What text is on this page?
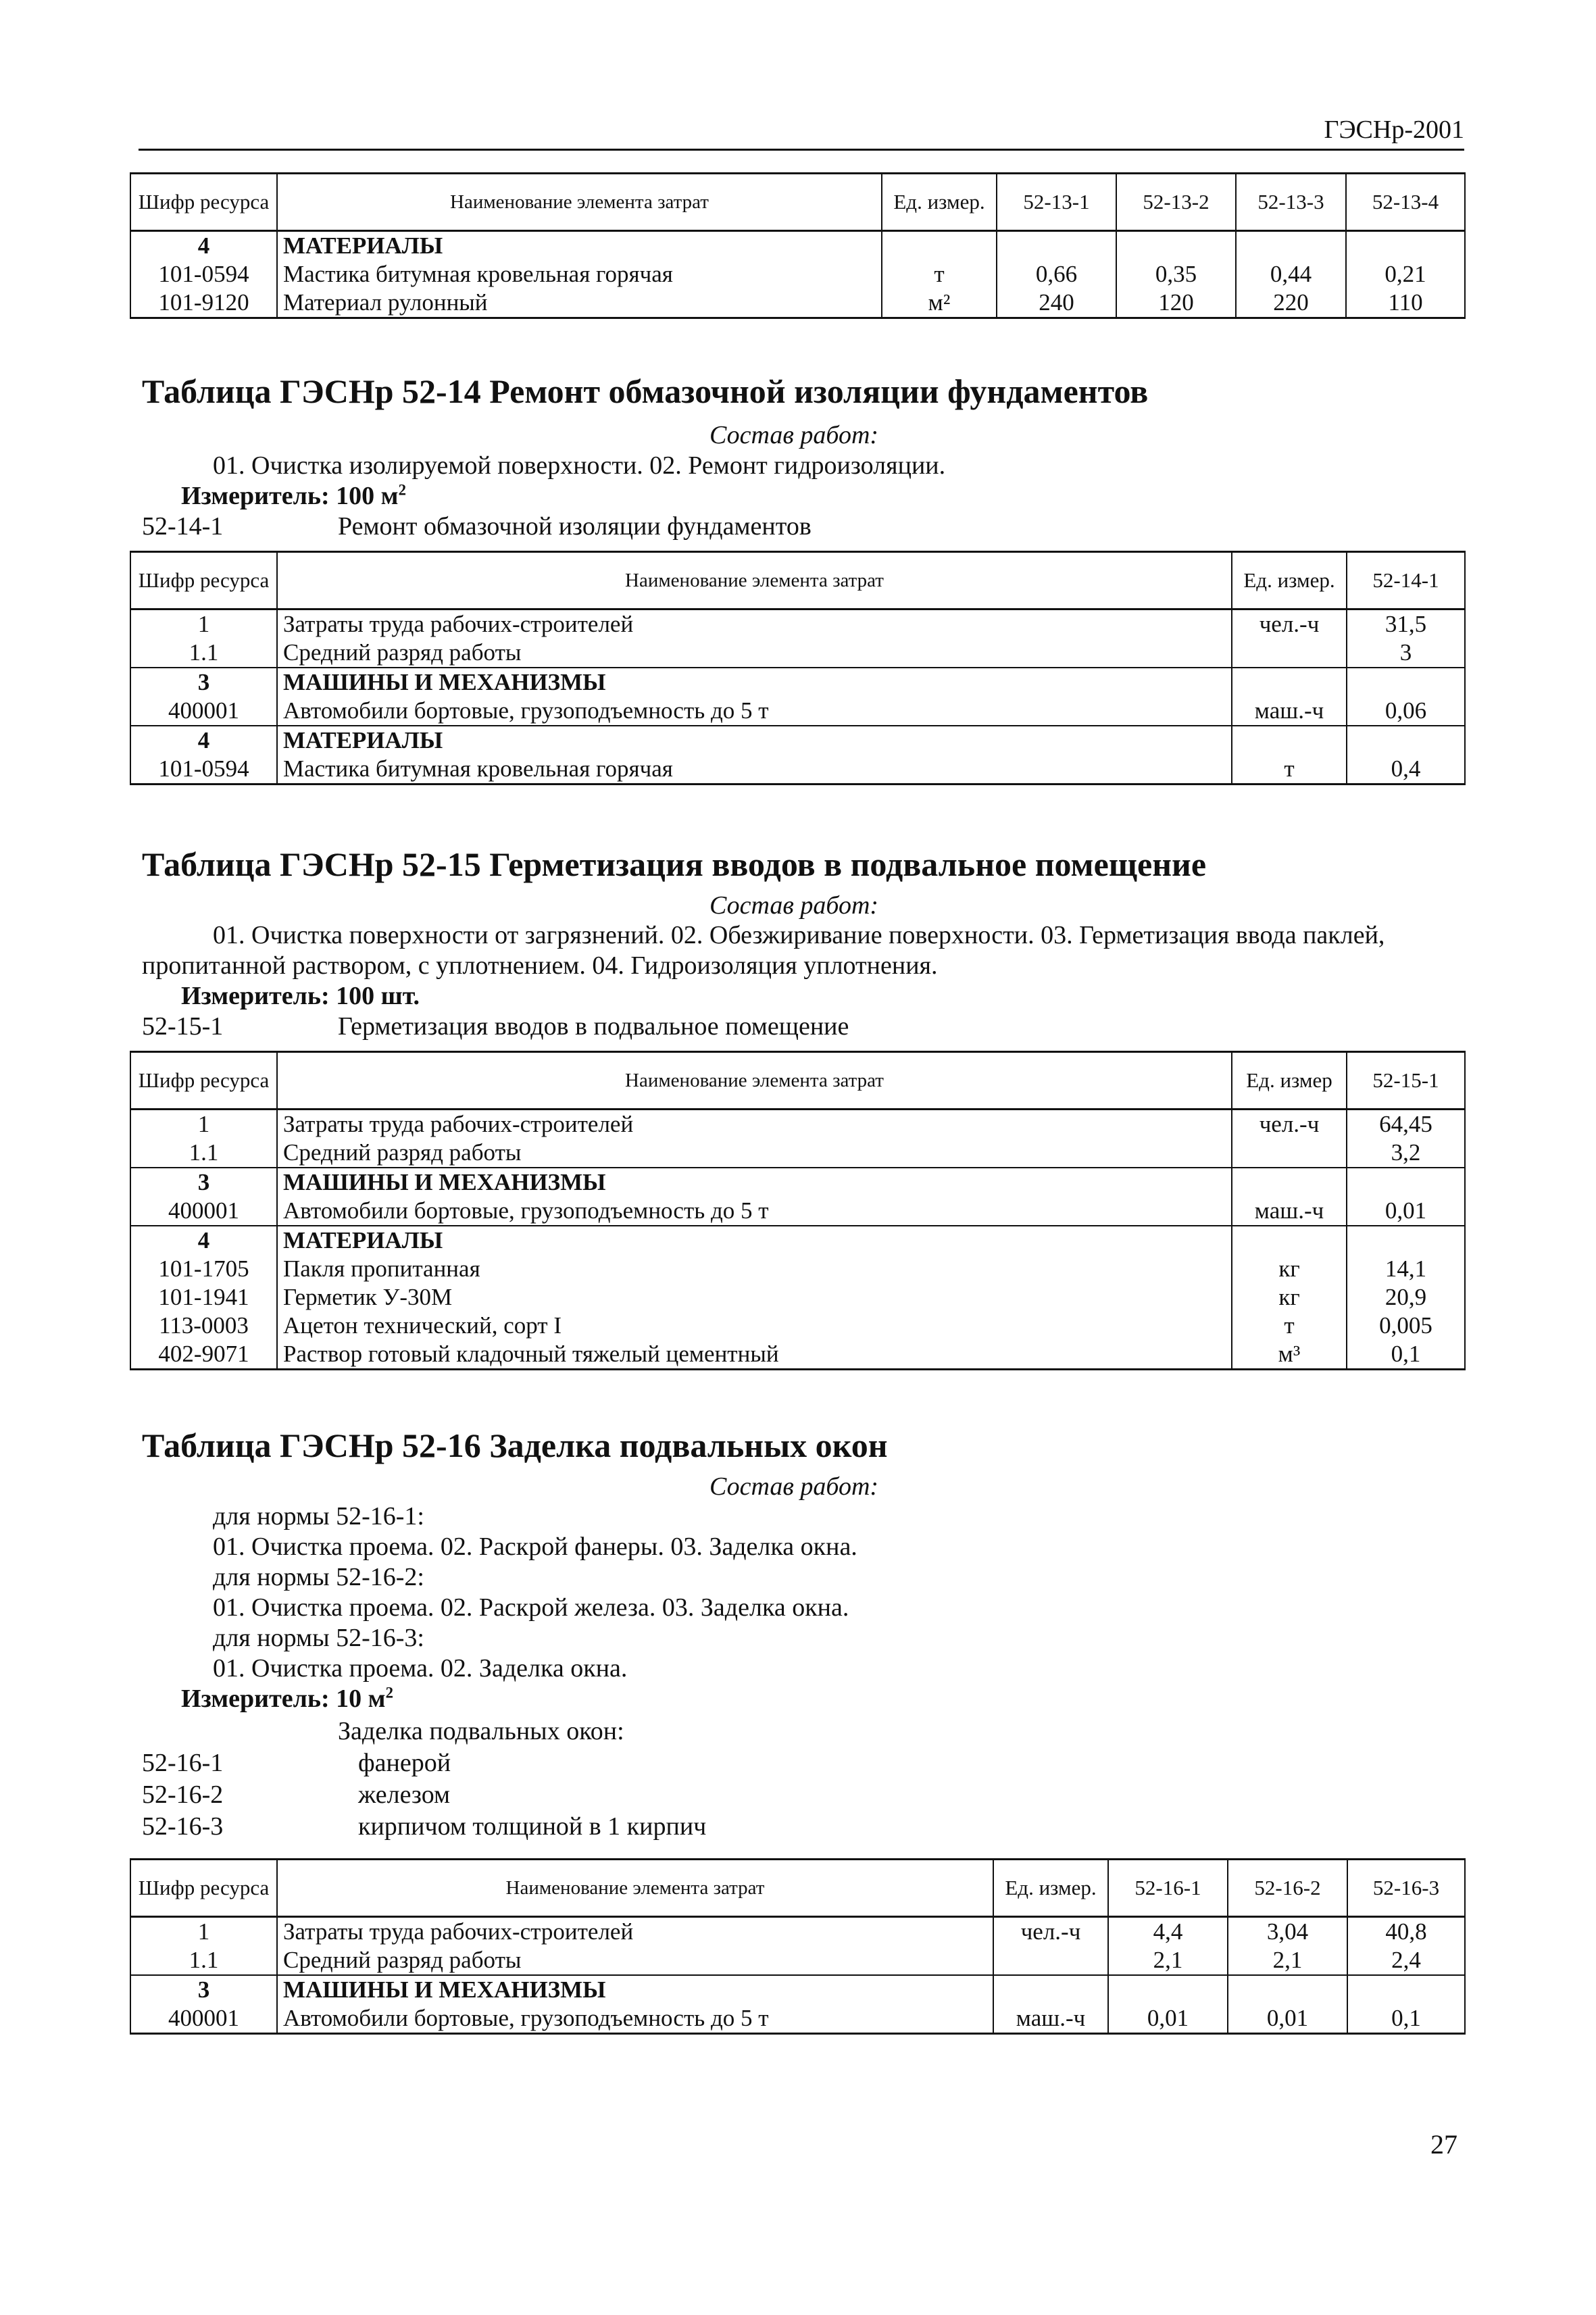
ГЭСНр-2001
Шифр ресурса	Наименование элемента затрат	Ед. измер.	52-13-1	52-13-2	52-13-3	52-13-4
4	МАТЕРИАЛЫ					
101-0594	Мастика битумная кровельная горячая	т	0,66	0,35	0,44	0,21
101-9120	Материал рулонный	м²	240	120	220	110
Таблица ГЭСНр 52-14 Ремонт обмазочной изоляции фундаментов
Состав работ:
01. Очистка изолируемой поверхности. 02. Ремонт гидроизоляции.
Измеритель: 100 $м^2$
52-14-1	Ремонт обмазочной изоляции фундаментов
Шифр ресурса	Наименование элемента затрат	Ед. измер.	52-14-1
1	Затраты труда рабочих-строителей	чел.-ч	31,5
1.1	Средний разряд работы		3
3	МАШИНЫ И МЕХАНИЗМЫ		
400001	Автомобили бортовые, грузоподъемность до 5 т	маш.-ч	0,06
4	МАТЕРИАЛЫ		
101-0594	Мастика битумная кровельная горячая	т	0,4
Таблица ГЭСНр 52-15 Герметизация вводов в подвальное помещение
Состав работ:
01. Очистка поверхности от загрязнений. 02. Обезжиривание поверхности. 03. Герметизация ввода паклей,
пропитанной раствором, с уплотнением. 04. Гидроизоляция уплотнения.
Измеритель: 100 шт.
52-15-1	Герметизация вводов в подвальное помещение
Шифр ресурса	Наименование элемента затрат	Ед. измер	52-15-1
1	Затраты труда рабочих-строителей	чел.-ч	64,45
1.1	Средний разряд работы		3,2
3	МАШИНЫ И МЕХАНИЗМЫ		
400001	Автомобили бортовые, грузоподъемность до 5 т	маш.-ч	0,01
4	МАТЕРИАЛЫ		
101-1705	Пакля пропитанная	кг	14,1
101-1941	Герметик У-30М	кг	20,9
113-0003	Ацетон технический, сорт I	т	0,005
402-9071	Раствор готовый кладочный тяжелый цементный	м³	0,1
Таблица ГЭСНр 52-16 Заделка подвальных окон
Состав работ:
для нормы 52-16-1:
01. Очистка проема. 02. Раскрой фанеры. 03. Заделка окна.
для нормы 52-16-2:
01. Очистка проема. 02. Раскрой железа. 03. Заделка окна.
для нормы 52-16-3:
01. Очистка проема. 02. Заделка окна.
Измеритель: 10 $м^2$
Заделка подвальных окон:
52-16-1	фанерой
52-16-2	железом
52-16-3	кирпичом толщиной в 1 кирпич
Шифр ресурса	Наименование элемента затрат	Ед. измер.	52-16-1	52-16-2	52-16-3
1	Затраты труда рабочих-строителей	чел.-ч	4,4	3,04	40,8
1.1	Средний разряд работы		2,1	2,1	2,4
3	МАШИНЫ И МЕХАНИЗМЫ				
400001	Автомобили бортовые, грузоподъемность до 5 т	маш.-ч	0,01	0,01	0,1
27
